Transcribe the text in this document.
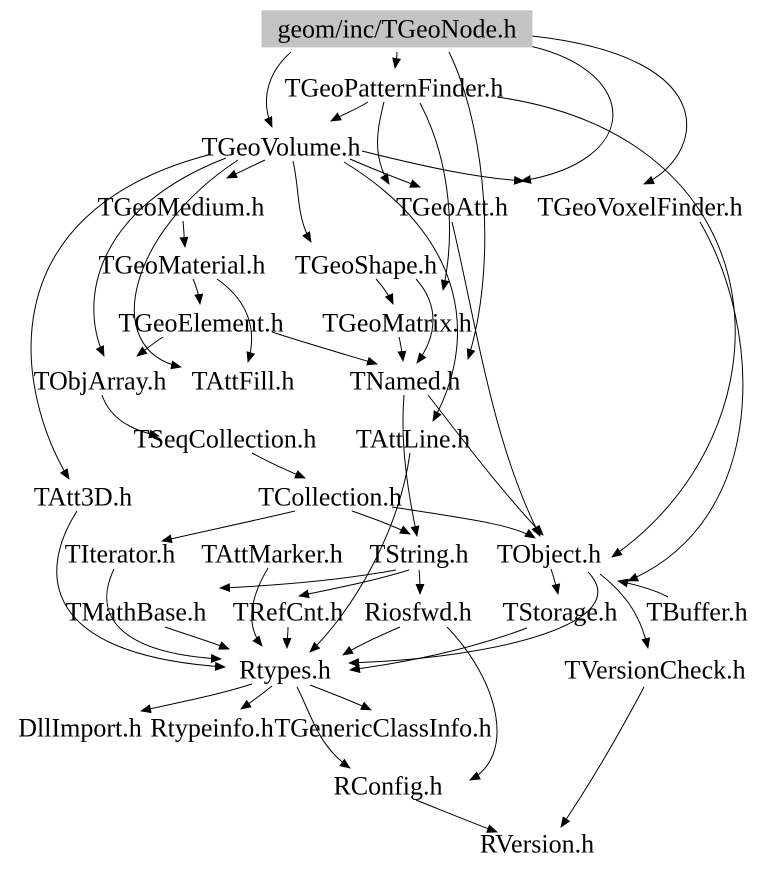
geom/inc/TGeoNode.h
TGeoPatternFinder.h
TGeoVolume.h
TGeoMedium.h	TGeoAtt.h TGeoVoxelFinder.h
TGeoMaterial.h TGeoShape.h
TGeoElement.h TGeoMatrix.h
TObjArray.h TAttFill.h TNamed.h
TSeqCollection.h TAttLine.h
TAtt3D.h	TCollection.h
TIterator.h TAttMarker.h TString.h TObject.h
TMathBase.h TRefCnt.h Riosfwd.h TStorage.h TBuffer.h
Rtypes.h	TVersionCheck.h
DllImport.h Rtypeinfo.h TGenericClassInfo.h
RConfig.h
RVersion.h
